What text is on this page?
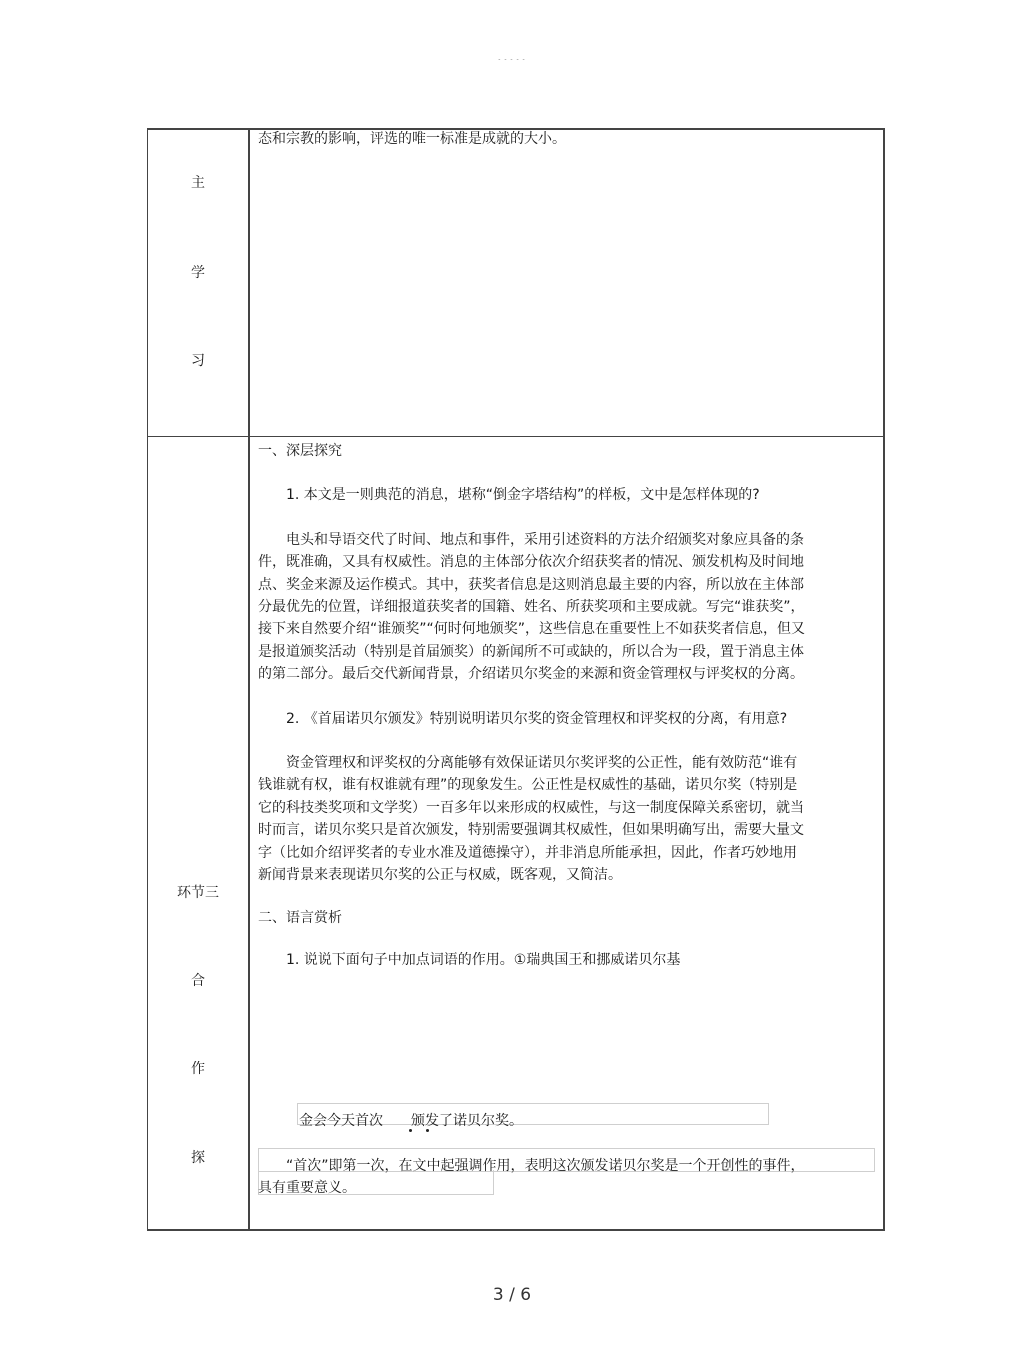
- - - - -
主
学
习

态和宗教的影响，评选的唯一标准是成就的大小。

环节三
合
作
探

一、深层探究

1. 本文是一则典范的消息，堪称“倒金字塔结构”的样板，文中是怎样体现的?

电头和导语交代了时间、地点和事件，采用引述资料的方法介绍颁奖对象应具备的条件，既准确，又具有权威性。消息的主体部分依次介绍获奖者的情况、颁发机构及时间地点、奖金来源及运作模式。其中，获奖者信息是这则消息最主要的内容，所以放在主体部分最优先的位置，详细报道获奖者的国籍、姓名、所获奖项和主要成就。写完“谁获奖”，接下来自然要介绍“谁颁奖”“何时何地颁奖”，这些信息在重要性上不如获奖者信息，但又是报道颁奖活动（特别是首届颁奖）的新闻所不可或缺的，所以合为一段，置于消息主体的第二部分。最后交代新闻背景，介绍诺贝尔奖金的来源和资金管理权与评奖权的分离。

2. 《首届诺贝尔颁发》特别说明诺贝尔奖的资金管理权和评奖权的分离，有用意?

资金管理权和评奖权的分离能够有效保证诺贝尔奖评奖的公正性，能有效防范“谁有钱谁就有权，谁有权谁就有理”的现象发生。公正性是权威性的基础，诺贝尔奖（特别是它的科技类奖项和文学奖）一百多年以来形成的权威性，与这一制度保障关系密切，就当时而言，诺贝尔奖只是首次颁发，特别需要强调其权威性，但如果明确写出，需要大量文字（比如介绍评奖者的专业水准及道德操守），并非消息所能承担，因此，作者巧妙地用新闻背景来表现诺贝尔奖的公正与权威，既客观，又简洁。

二、语言赏析

1. 说说下面句子中加点词语的作用。①瑞典国王和挪威诺贝尔基

金会今天首次　　颁发了诺贝尔奖。
“首次”即第一次，在文中起强调作用，表明这次颁发诺贝尔奖是一个开创性的事件，具有重要意义。
3 / 6
